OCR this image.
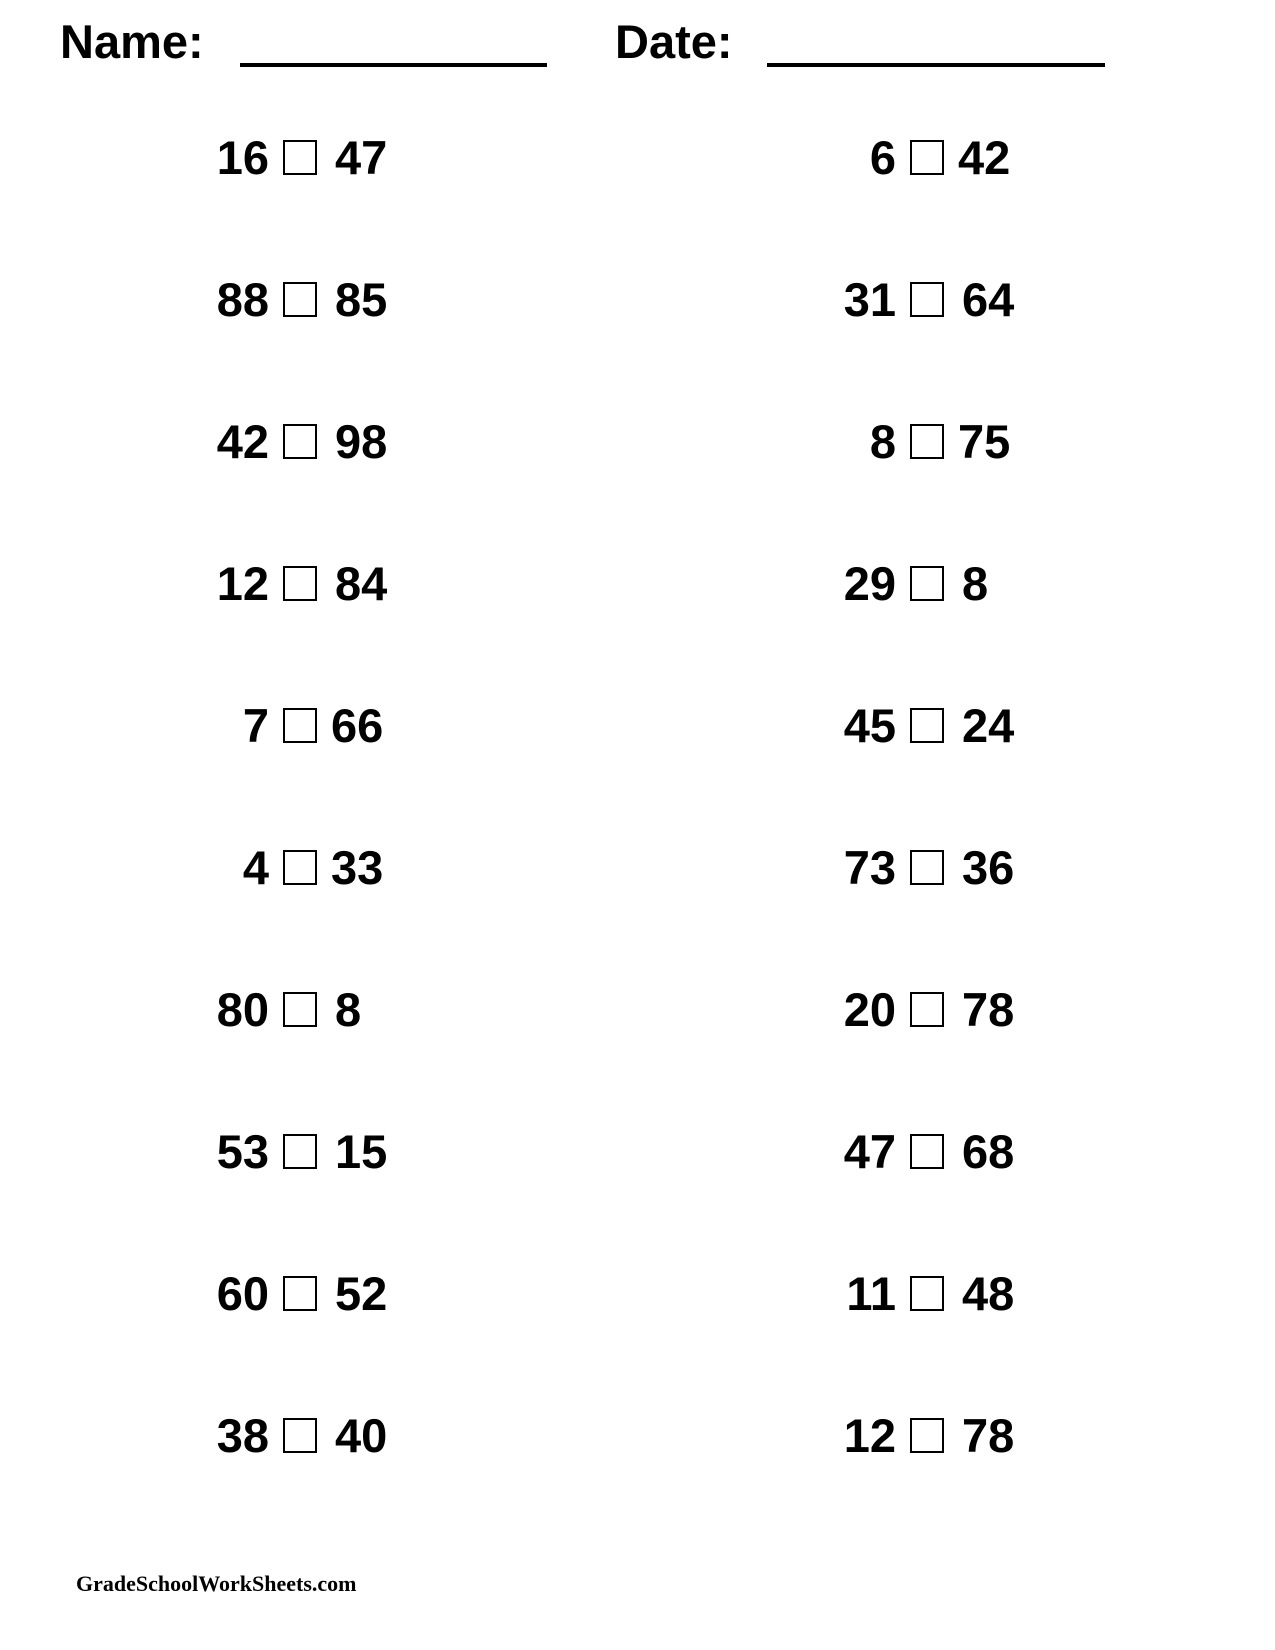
Name:	Date:
16 47
88 85
42 98
12 84
7 66
4 33
80 8
53 15
60 52
38 40
6 42
31 64
8 75
29 8
45 24
73 36
20 78
47 68
11 48
12 78
GradeSchoolWorkSheets.com
